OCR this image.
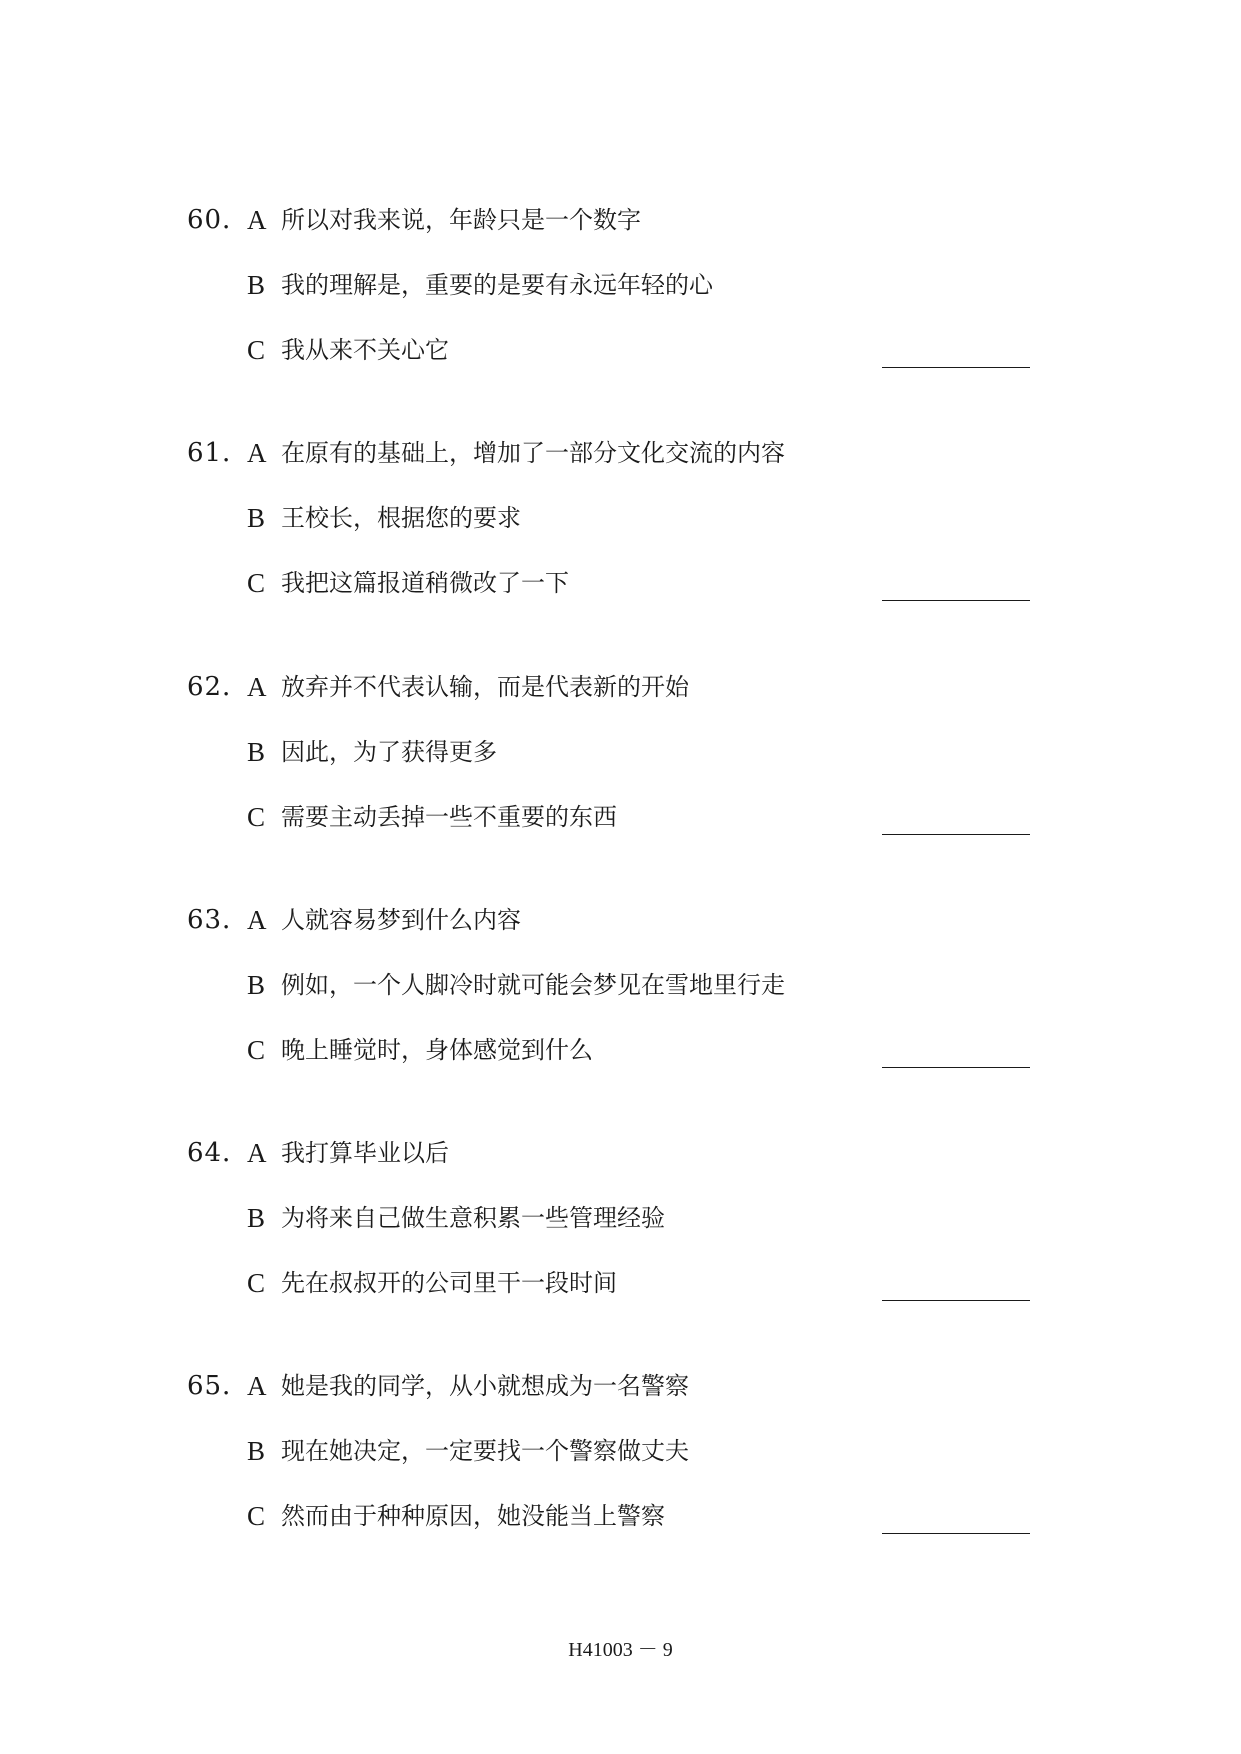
60．
A 所以对我来说，年龄只是一个数字
B 我的理解是，重要的是要有永远年轻的心
C 我从来不关心它
61．
A 在原有的基础上，增加了一部分文化交流的内容
B 王校长，根据您的要求
C 我把这篇报道稍微改了一下
62．
A 放弃并不代表认输，而是代表新的开始
B 因此，为了获得更多
C 需要主动丢掉一些不重要的东西
63．
A 人就容易梦到什么内容
B 例如，一个人脚冷时就可能会梦见在雪地里行走
C 晚上睡觉时，身体感觉到什么
64．
A 我打算毕业以后
B 为将来自己做生意积累一些管理经验
C 先在叔叔开的公司里干一段时间
65．
A 她是我的同学，从小就想成为一名警察
B 现在她决定，一定要找一个警察做丈夫
C 然而由于种种原因，她没能当上警察
H41003 － 9
